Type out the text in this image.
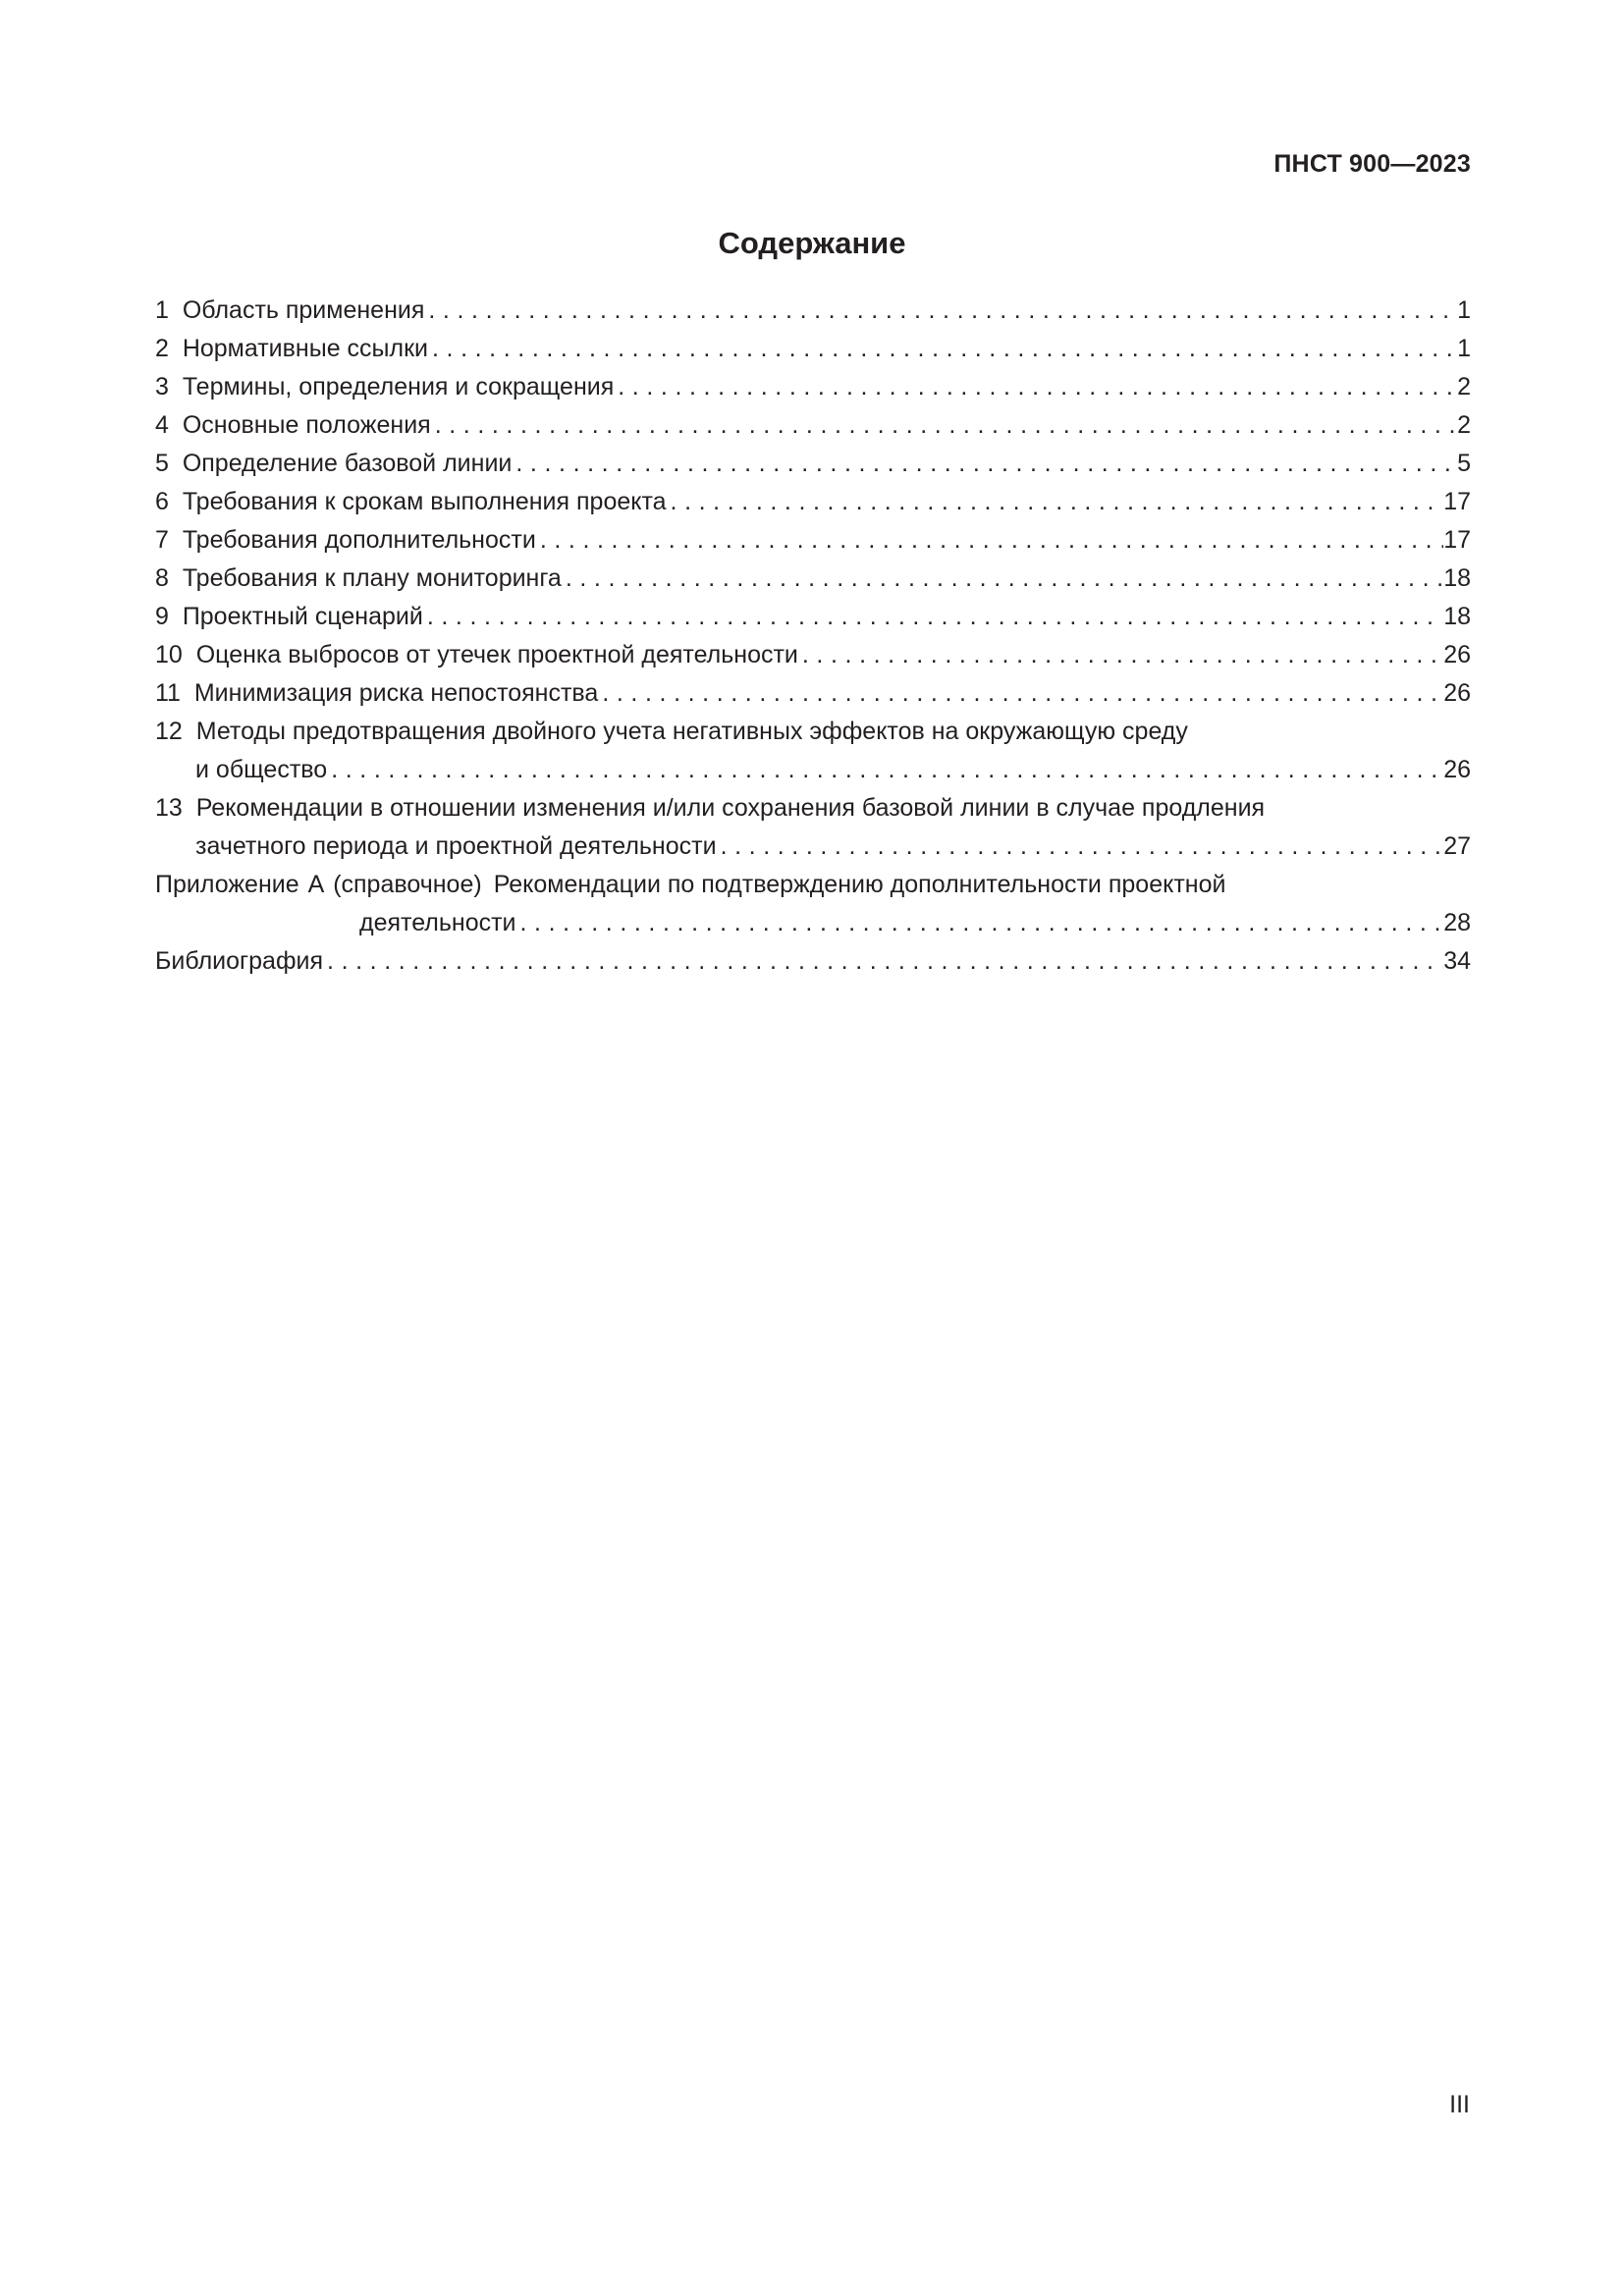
ПНСТ 900—2023
Содержание
1 Область применения .....	1
2 Нормативные ссылки .....	1
3 Термины, определения и сокращения .....	2
4 Основные положения .....	2
5 Определение базовой линии .....	5
6 Требования к срокам выполнения проекта .....	17
7 Требования дополнительности .....	17
8 Требования к плану мониторинга .....	18
9 Проектный сценарий .....	18
10 Оценка выбросов от утечек проектной деятельности .....	26
11 Минимизация риска непостоянства .....	26
12 Методы предотвращения двойного учета негативных эффектов на окружающую среду
и общество .....	26
13 Рекомендации в отношении изменения и/или сохранения базовой линии в случае продления
зачетного периода и проектной деятельности .....	27
Приложение А (справочное) Рекомендации по подтверждению дополнительности проектной
деятельности .....	28
Библиография .....	34
III
